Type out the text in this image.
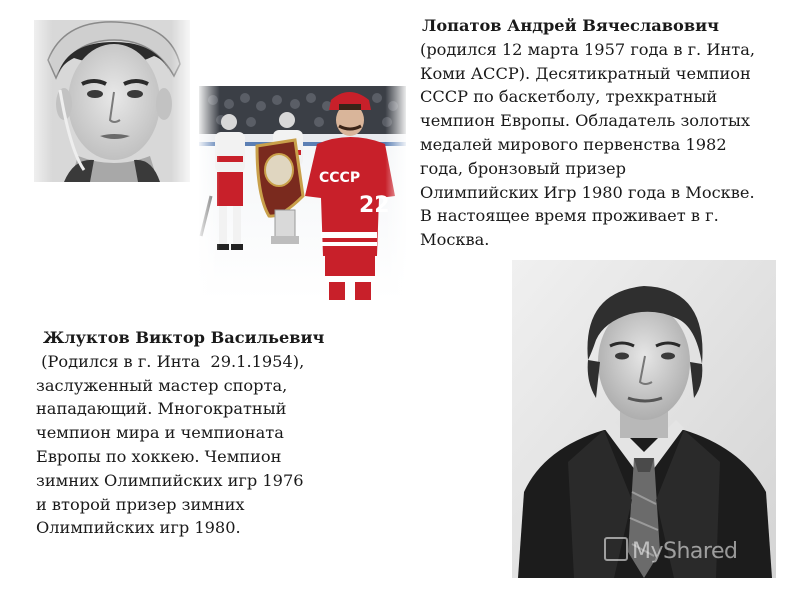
Лопатов Андрей Вячеславович
(родился 12 марта 1957 года в г. Инта,
Коми АССР). Десятикратный чемпион
СССР по баскетболу, трехкратный
чемпион Европы. Обладатель золотых
медалей мирового первенства 1982
года, бронзовый призер
Олимпийских Игр 1980 года в Москве.
В настоящее время проживает в г.
Москва.
Жлуктов Виктор Васильевич
(Родился в г. Инта  29.1.1954),
заслуженный мастер спорта,
нападающий. Многократный
чемпион мира и чемпионата
Европы по хоккею. Чемпион
зимних Олимпийских игр 1976
и второй призер зимних
Олимпийских игр 1980.
MyShared
